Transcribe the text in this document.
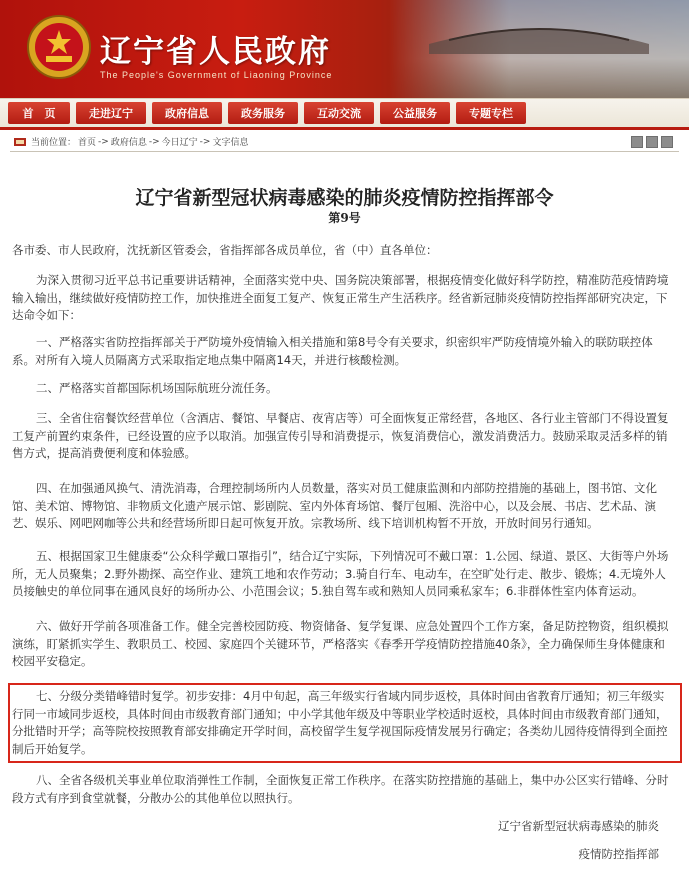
辽宁省人民政府
The People's Government of Liaoning Province
首　页	走进辽宁	政府信息	政务服务	互动交流	公益服务	专题专栏
当前位置： 首页 -> 政府信息 -> 今日辽宁 -> 文字信息
辽宁省新型冠状病毒感染的肺炎疫情防控指挥部令
第9号
各市委、市人民政府，沈抚新区管委会，省指挥部各成员单位，省（中）直各单位：
为深入贯彻习近平总书记重要讲话精神，全面落实党中央、国务院决策部署，根据疫情变化做好科学防控，精准防范疫情跨境输入输出，继续做好疫情防控工作，加快推进全面复工复产、恢复正常生产生活秩序。经省新冠肺炎疫情防控指挥部研究决定，下达命令如下：
一、严格落实省防控指挥部关于严防境外疫情输入相关措施和第8号令有关要求，织密织牢严防疫情境外输入的联防联控体系。对所有入境人员隔离方式采取指定地点集中隔离14天，并进行核酸检测。
二、严格落实首都国际机场国际航班分流任务。
三、全省住宿餐饮经营单位（含酒店、餐馆、早餐店、夜宵店等）可全面恢复正常经营，各地区、各行业主管部门不得设置复工复产前置约束条件，已经设置的应予以取消。加强宣传引导和消费提示，恢复消费信心，激发消费活力。鼓励采取灵活多样的销售方式，提高消费便利度和体验感。
四、在加强通风换气、清洗消毒，合理控制场所内人员数量，落实对员工健康监测和内部防控措施的基础上，图书馆、文化馆、美术馆、博物馆、非物质文化遗产展示馆、影剧院、室内外体育场馆、餐厅包厢、洗浴中心，以及会展、书店、艺术品、演艺、娱乐、网吧网咖等公共和经营场所即日起可恢复开放。宗教场所、线下培训机构暂不开放，开放时间另行通知。
五、根据国家卫生健康委“公众科学戴口罩指引”，结合辽宁实际，下列情况可不戴口罩：1.公园、绿道、景区、大街等户外场所，无人员聚集；2.野外勘探、高空作业、建筑工地和农作劳动；3.骑自行车、电动车，在空旷处行走、散步、锻炼；4.无境外人员接触史的单位同事在通风良好的场所办公、小范围会议；5.独自驾车或和熟知人员同乘私家车；6.非群体性室内体育运动。
六、做好开学前各项准备工作。健全完善校园防疫、物资储备、复学复课、应急处置四个工作方案，备足防控物资，组织模拟演练，盯紧抓实学生、教职员工、校园、家庭四个关键环节，严格落实《春季开学疫情防控措施40条》，全力确保师生身体健康和校园平安稳定。
七、分级分类错峰错时复学。初步安排：4月中旬起，高三年级实行省域内同步返校，具体时间由省教育厅通知；初三年级实行同一市域同步返校，具体时间由市级教育部门通知；中小学其他年级及中等职业学校适时返校，具体时间由市级教育部门通知，分批错时开学；高等院校按照教育部安排确定开学时间，高校留学生复学视国际疫情发展另行确定；各类幼儿园待疫情得到全面控制后开始复学。
八、全省各级机关事业单位取消弹性工作制，全面恢复正常工作秩序。在落实防控措施的基础上，集中办公区实行错峰、分时段方式有序到食堂就餐，分散办公的其他单位以照执行。
辽宁省新型冠状病毒感染的肺炎
疫情防控指挥部
